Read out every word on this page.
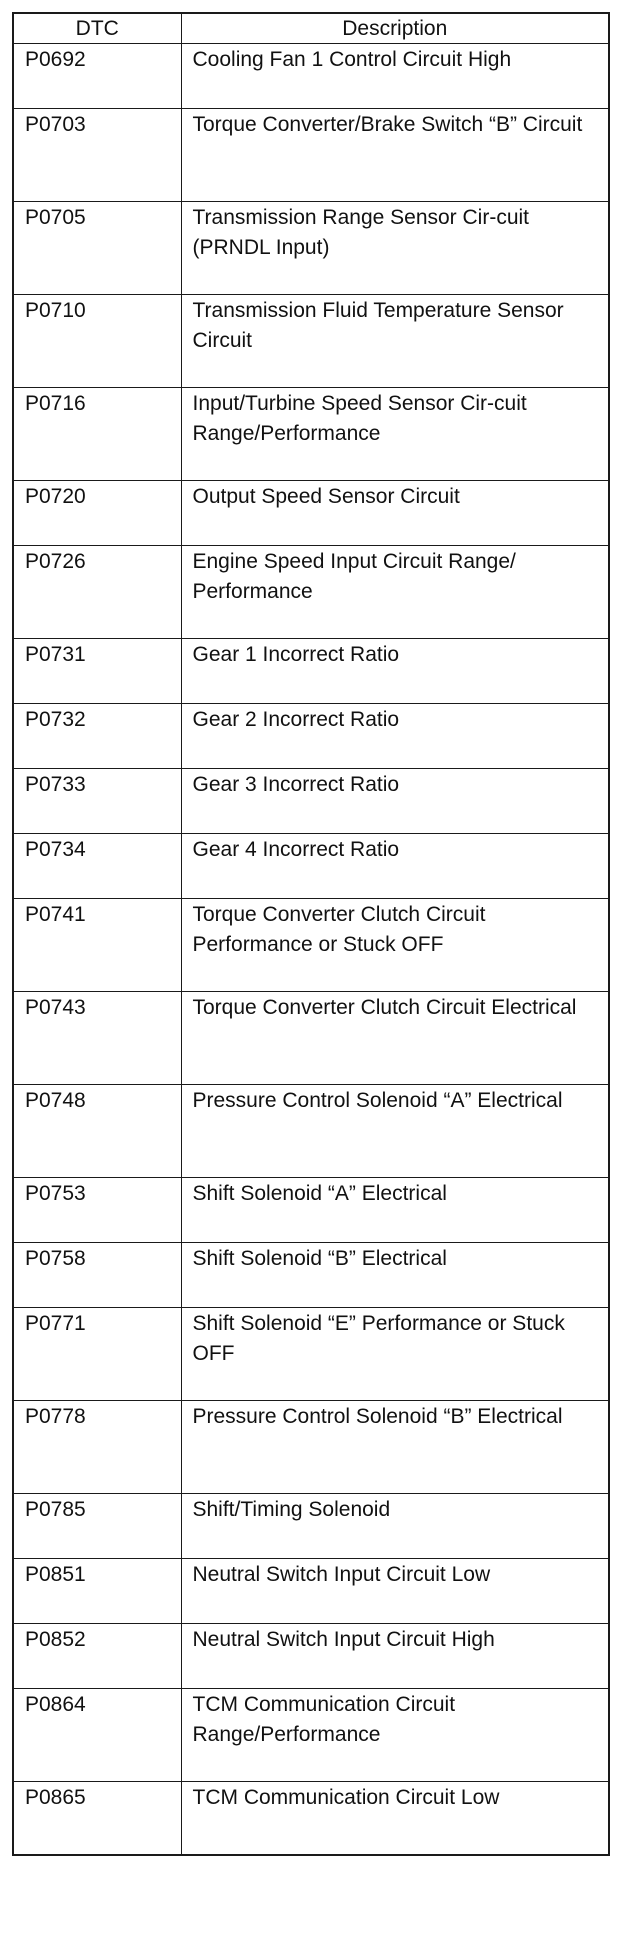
DTC	Description
P0692	Cooling Fan 1 Control Circuit High
P0703	Torque Converter/Brake Switch “B” Circuit
P0705	Transmission Range Sensor Cir-cuit (PRNDL Input)
P0710	Transmission Fluid Temperature Sensor Circuit
P0716	Input/Turbine Speed Sensor Cir-cuit Range/Performance
P0720	Output Speed Sensor Circuit
P0726	Engine Speed Input Circuit Range/ Performance
P0731	Gear 1 Incorrect Ratio
P0732	Gear 2 Incorrect Ratio
P0733	Gear 3 Incorrect Ratio
P0734	Gear 4 Incorrect Ratio
P0741	Torque Converter Clutch Circuit Performance or Stuck OFF
P0743	Torque Converter Clutch Circuit Electrical
P0748	Pressure Control Solenoid “A” Electrical
P0753	Shift Solenoid “A” Electrical
P0758	Shift Solenoid “B” Electrical
P0771	Shift Solenoid “E” Performance or Stuck OFF
P0778	Pressure Control Solenoid “B” Electrical
P0785	Shift/Timing Solenoid
P0851	Neutral Switch Input Circuit Low
P0852	Neutral Switch Input Circuit High
P0864	TCM Communication Circuit Range/Performance
P0865	TCM Communication Circuit Low
